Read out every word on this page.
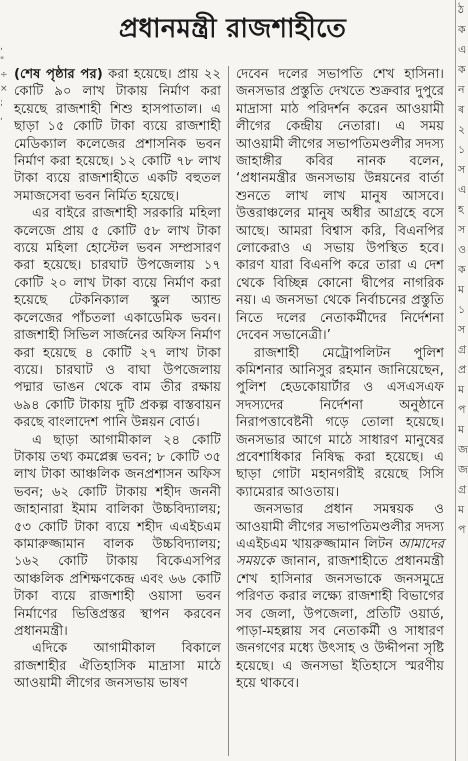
প্রধানমন্ত্রী রাজশাহীতে
, " ÷ × ; ,

(শেষ পৃষ্ঠার পর) করা হয়েছে। প্রায় ২২ কোটি ৯০ লাখ টাকায় নির্মাণ করা হয়েছে রাজশাহী শিশু হাসপাতাল। এ ছাড়া ১৫ কোটি টাকা ব্যয়ে রাজশাহী মেডিক্যাল কলেজের প্রশাসনিক ভবন নির্মাণ করা হয়েছে। ১২ কোটি ৭৮ লাখ টাকা ব্যয়ে রাজশাহীতে একটি বহুতল সমাজসেবা ভবন নির্মিত হয়েছে।

এর বাইরে রাজশাহী সরকারি মহিলা কলেজে প্রায় ৫ কোটি ৫৮ লাখ টাকা ব্যয়ে মহিলা হোস্টেল ভবন সম্প্রসারণ করা হয়েছে। চারঘাট উপজেলায় ১৭ কোটি ২০ লাখ টাকা ব্যয়ে নির্মাণ করা হয়েছে টেকনিক্যাল স্কুল অ্যান্ড কলেজের পাঁচতলা একাডেমিক ভবন। রাজশাহী সিভিল সার্জনের অফিস নির্মাণ করা হয়েছে ৪ কোটি ২৭ লাখ টাকা ব্যয়ে। চারঘাট ও বাঘা উপজেলায় পদ্মার ভাঙন থেকে বাম তীর রক্ষায় ৬৯৪ কোটি টাকায় দুটি প্রকল্প বাস্তবায়ন করছে বাংলাদেশ পানি উন্নয়ন বোর্ড।

এ ছাড়া আগামীকাল ২৪ কোটি টাকায় তথ্য কমপ্লেক্স ভবন; ৮ কোটি ৩৫ লাখ টাকা আঞ্চলিক জনপ্রশাসন অফিস ভবন; ৬২ কোটি টাকায় শহীদ জননী জাহানারা ইমাম বালিকা উচ্চবিদ্যালয়; ৫৩ কোটি টাকা ব্যয়ে শহীদ এএইচএম কামারুজ্জামান বালক উচ্চবিদ্যালয়; ১৬২ কোটি টাকায় বিকেএসপির আঞ্চলিক প্রশিক্ষণকেন্দ্র এবং ৬৬ কোটি টাকা ব্যয়ে রাজশাহী ওয়াসা ভবন নির্মাণের ভিত্তিপ্রস্তর স্থাপন করবেন প্রধানমন্ত্রী।

এদিকে আগামীকাল বিকালে রাজশাহীর ঐতিহাসিক মাদ্রাসা মাঠে আওয়ামী লীগের জনসভায় ভাষণ

দেবেন দলের সভাপতি শেখ হাসিনা। জনসভার প্রস্তুতি দেখতে শুক্রবার দুপুরে মাদ্রাসা মাঠ পরিদর্শন করেন আওয়ামী লীগের কেন্দ্রীয় নেতারা। এ সময় আওয়ামী লীগের সভাপতিমণ্ডলীর সদস্য জাহাঙ্গীর কবির নানক বলেন, ‘প্রধানমন্ত্রীর জনসভায় উন্নয়নের বার্তা শুনতে লাখ লাখ মানুষ আসবে। উত্তরাঞ্চলের মানুষ অধীর আগ্রহে বসে আছে। আমরা বিশ্বাস করি, বিএনপির লোকেরাও এ সভায় উপস্থিত হবে। কারণ যারা বিএনপি করে তারা এ দেশ থেকে বিচ্ছিন্ন কোনো দ্বীপের নাগরিক নয়। এ জনসভা থেকে নির্বাচনের প্রস্তুতি নিতে দলের নেতাকর্মীদের নির্দেশনা দেবেন সভানেত্রী।’

রাজশাহী মেট্রোপলিটন পুলিশ কমিশনার আনিসুর রহমান জানিয়েছেন, পুলিশ হেডকোয়ার্টার ও এসএসএফ সদস্যদের নির্দেশনা অনুষ্ঠানে নিরাপত্তাবেষ্টনী গড়ে তোলা হয়েছে। জনসভার আগে মাঠে সাধারণ মানুষের প্রবেশাধিকার নিষিদ্ধ করা হয়েছে। এ ছাড়া গোটা মহানগরীই রয়েছে সিসি ক্যামেরার আওতায়।

জনসভার প্রধান সমন্বয়ক ও আওয়ামী লীগের সভাপতিমণ্ডলীর সদস্য এএইচএম খায়রুজ্জামান লিটন আমাদের সময়কে জানান, রাজশাহীতে প্রধানমন্ত্রী শেখ হাসিনার জনসভাকে জনসমুদ্রে পরিণত করার লক্ষ্যে রাজশাহী বিভাগের সব জেলা, উপজেলা, প্রতিটি ওয়ার্ড, পাড়া-মহল্লায় সব নেতাকর্মী ও সাধারণ জনগণের মধ্যে উৎসাহ ও উদ্দীপনা সৃষ্টি হয়েছে। এ জনসভা ইতিহাসে স্মরণীয় হয়ে থাকবে।

ঠ ক এ ক ন ৰ ২ ১ স এ হ স ও ক ম ১ স গ্ৰ প্ৰ ম প ম জ জ গ্ৰ ম প
